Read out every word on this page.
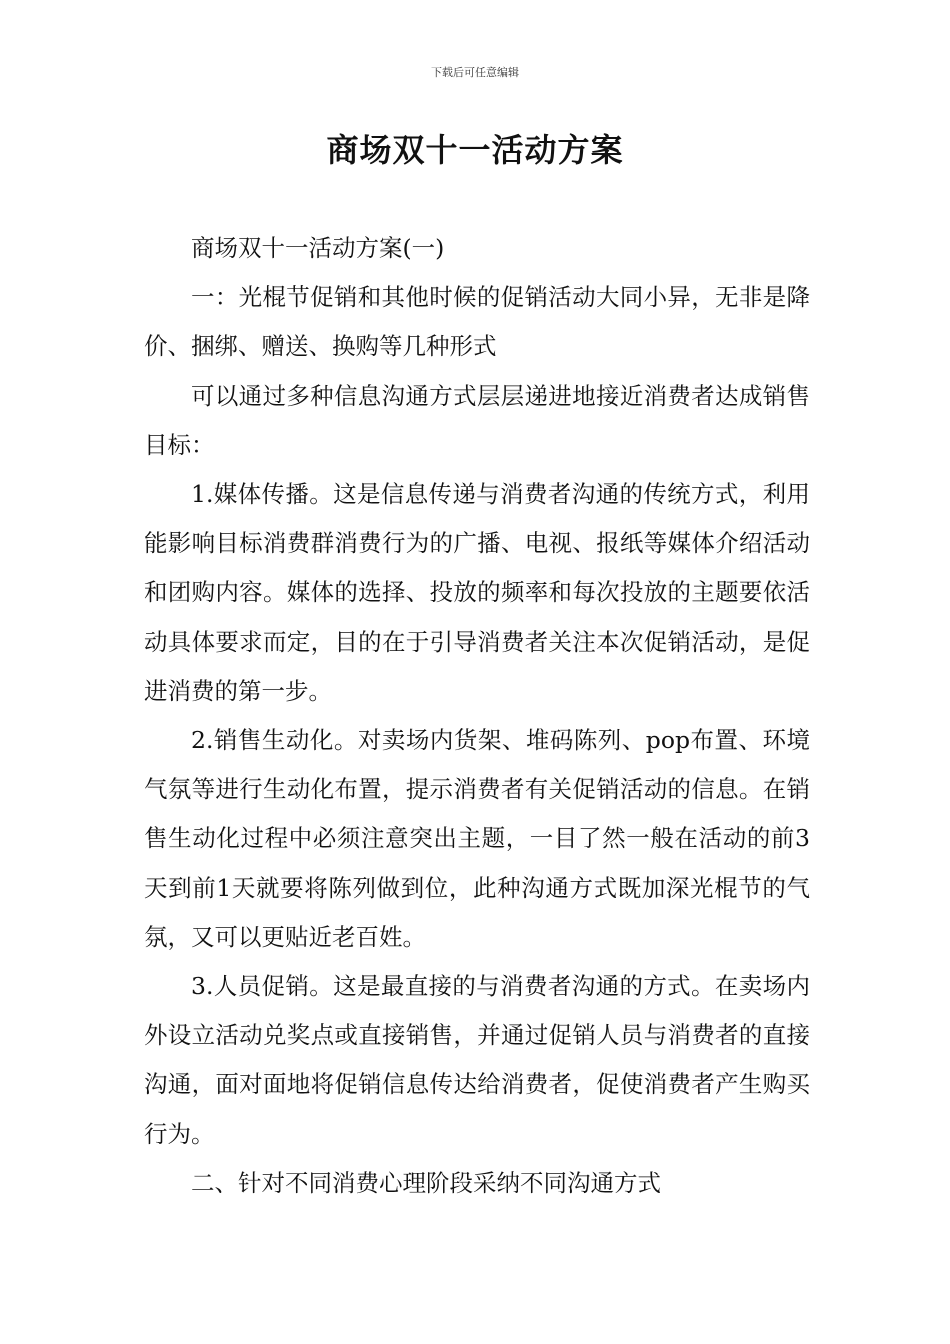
下载后可任意编辑
商场双十一活动方案

商场双十一活动方案(一)

一：光棍节促销和其他时候的促销活动大同小异，无非是降价、捆绑、赠送、换购等几种形式

可以通过多种信息沟通方式层层递进地接近消费者达成销售目标：

1.媒体传播。这是信息传递与消费者沟通的传统方式，利用能影响目标消费群消费行为的广播、电视、报纸等媒体介绍活动和团购内容。媒体的选择、投放的频率和每次投放的主题要依活动具体要求而定，目的在于引导消费者关注本次促销活动，是促进消费的第一步。

2.销售生动化。对卖场内货架、堆码陈列、pop布置、环境气氛等进行生动化布置，提示消费者有关促销活动的信息。在销售生动化过程中必须注意突出主题，一目了然一般在活动的前3天到前1天就要将陈列做到位，此种沟通方式既加深光棍节的气氛，又可以更贴近老百姓。

3.人员促销。这是最直接的与消费者沟通的方式。在卖场内外设立活动兑奖点或直接销售，并通过促销人员与消费者的直接沟通，面对面地将促销信息传达给消费者，促使消费者产生购买行为。

二、针对不同消费心理阶段采纳不同沟通方式
